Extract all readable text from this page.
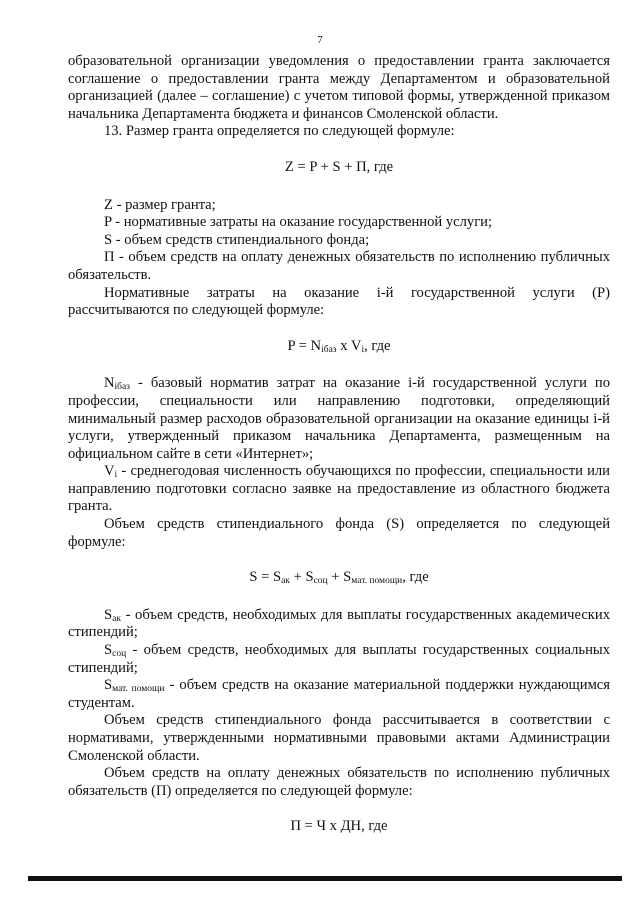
7

образовательной организации уведомления о предоставлении гранта заключается соглашение о предоставлении гранта между Департаментом и образовательной организацией (далее – соглашение) с учетом типовой формы, утвержденной приказом начальника Департамента бюджета и финансов Смоленской области.

13. Размер гранта определяется по следующей формуле:

Z = P + S + П, где

Z - размер гранта;

P - нормативные затраты на оказание государственной услуги;

S - объем средств стипендиального фонда;

П - объем средств на оплату денежных обязательств по исполнению публичных обязательств.

Нормативные затраты на оказание i-й государственной услуги (P) рассчитываются по следующей формуле:

$P = N_{iбаз}$ x $V_i$, где

$N_{iбаз}$ - базовый норматив затрат на оказание i-й государственной услуги по профессии, специальности или направлению подготовки, определяющий минимальный размер расходов образовательной организации на оказание единицы i-й услуги, утвержденный приказом начальника Департамента, размещенным на официальном сайте в сети «Интернет»;

$V_i$ - среднегодовая численность обучающихся по профессии, специальности или направлению подготовки согласно заявке на предоставление из областного бюджета гранта.

Объем средств стипендиального фонда (S) определяется по следующей формуле:

$S = S_{ак} + S_{соц} + S_{мат. помощи}$, где

$S_{ак}$ - объем средств, необходимых для выплаты государственных академических стипендий;

$S_{соц}$ - объем средств, необходимых для выплаты государственных социальных стипендий;

$S_{мат. помощи}$ - объем средств на оказание материальной поддержки нуждающимся студентам.

Объем средств стипендиального фонда рассчитывается в соответствии с нормативами, утвержденными нормативными правовыми актами Администрации Смоленской области.

Объем средств на оплату денежных обязательств по исполнению публичных обязательств (П) определяется по следующей формуле:

П = Ч x ДН, где
